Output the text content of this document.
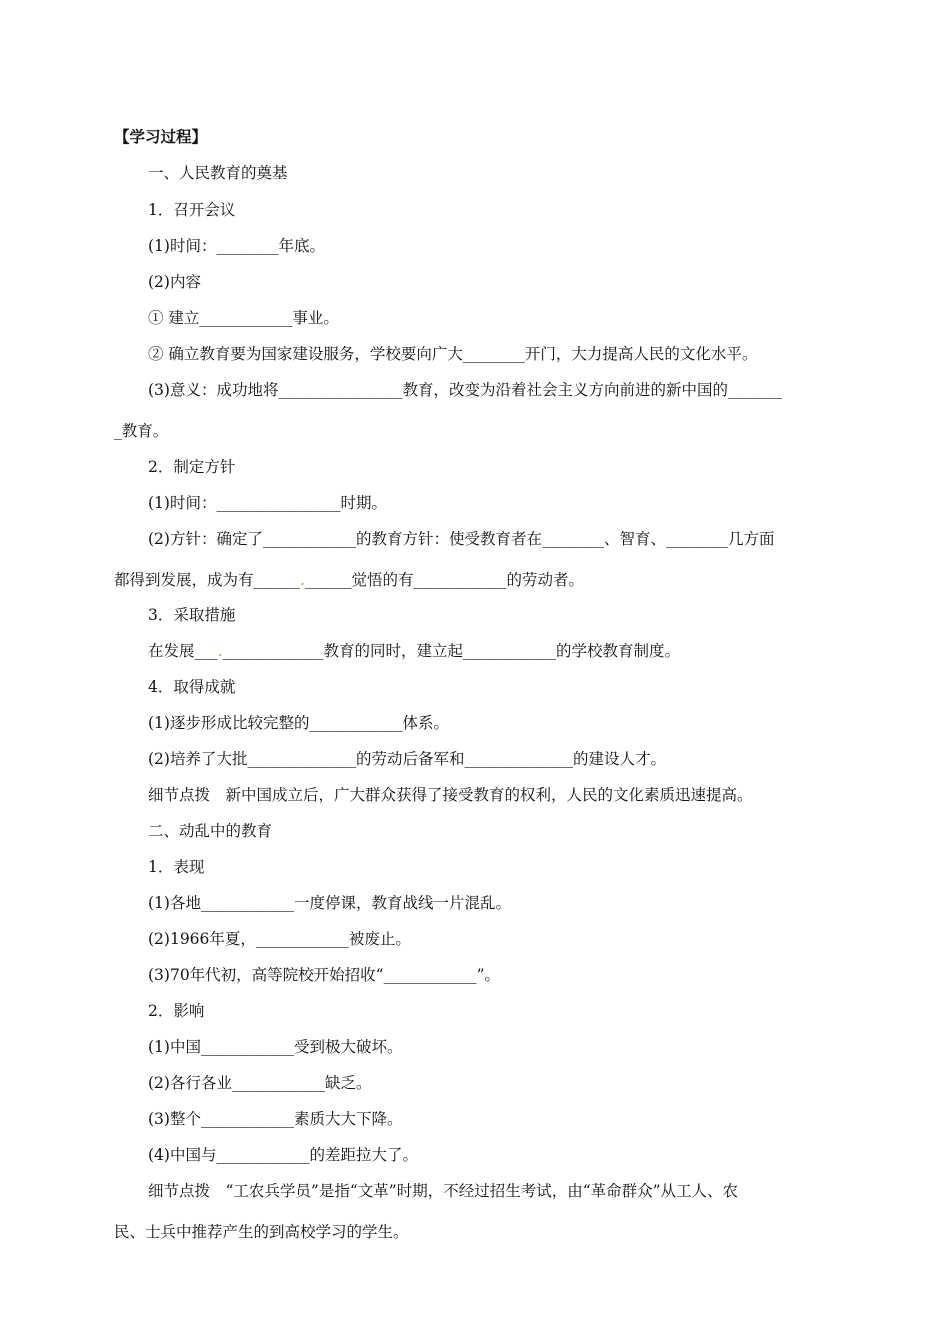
【学习过程】
一、人民教育的奠基
1．召开会议
(1)时间：________年底。
(2)内容
① 建立____________事业。
② 确立教育要为国家建设服务，学校要向广大________开门，大力提高人民的文化水平。
(3)意义：成功地将________________教育，改变为沿着社会主义方向前进的新中国的_______
_教育。
2．制定方针
(1)时间：________________时期。
(2)方针：确定了____________的教育方针：使受教育者在________、智育、________几方面
都得到发展，成为有______.______觉悟的有____________的劳动者。
3．采取措施
在发展___._____________教育的同时，建立起____________的学校教育制度。
4．取得成就
(1)逐步形成比较完整的____________体系。
(2)培养了大批______________的劳动后备军和______________的建设人才。
细节点拨　新中国成立后，广大群众获得了接受教育的权利，人民的文化素质迅速提高。
二、动乱中的教育
1．表现
(1)各地____________一度停课，教育战线一片混乱。
(2)1966年夏，____________被废止。
(3)70年代初，高等院校开始招收“____________”。
2．影响
(1)中国____________受到极大破坏。
(2)各行各业____________缺乏。
(3)整个____________素质大大下降。
(4)中国与____________的差距拉大了。
细节点拨　“工农兵学员”是指“文革”时期，不经过招生考试，由“革命群众”从工人、农
民、士兵中推荐产生的到高校学习的学生。
